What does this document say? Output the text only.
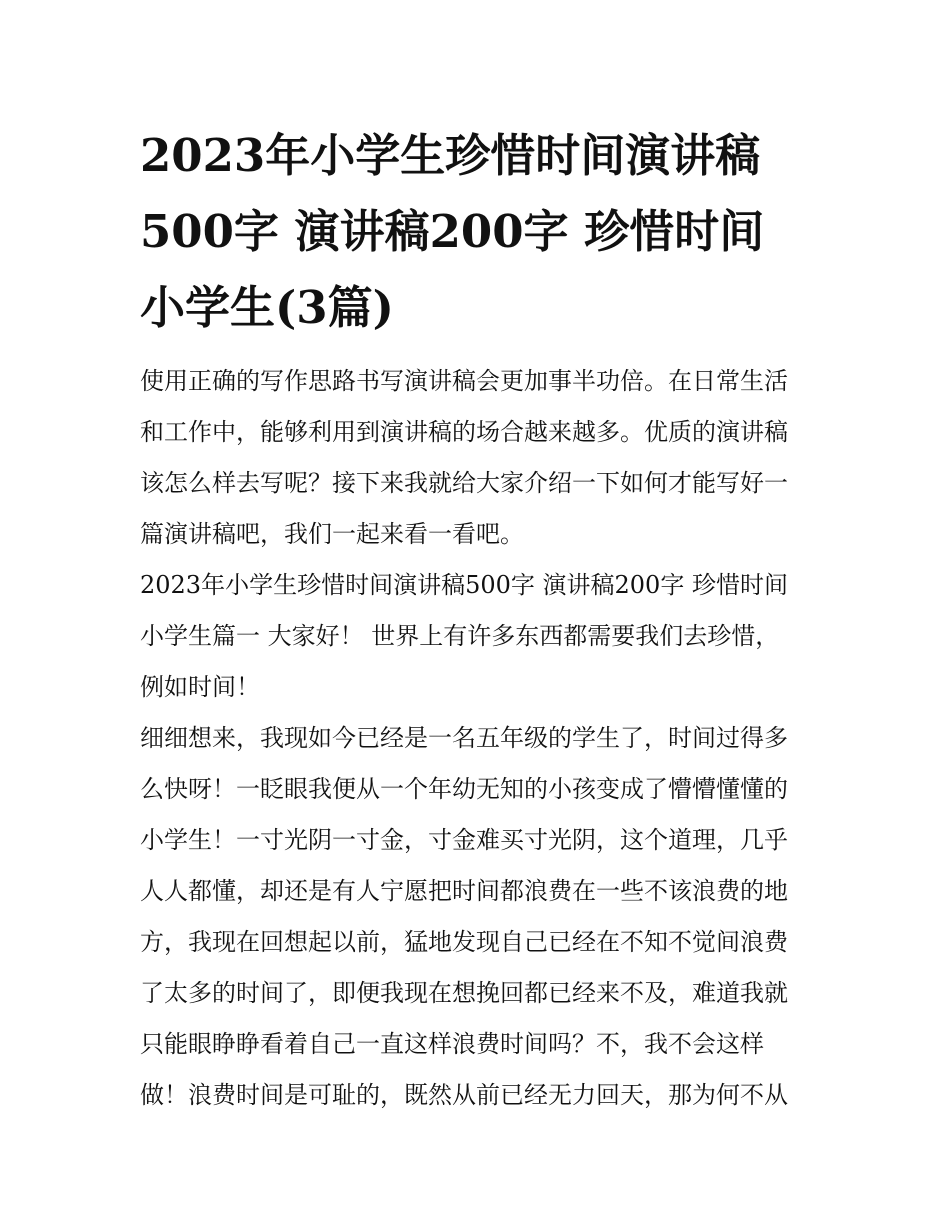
2023年小学生珍惜时间演讲稿
500字 演讲稿200字 珍惜时间
小学生(3篇)
使用正确的写作思路书写演讲稿会更加事半功倍。在日常生活
和工作中，能够利用到演讲稿的场合越来越多。优质的演讲稿
该怎么样去写呢？接下来我就给大家介绍一下如何才能写好一
篇演讲稿吧，我们一起来看一看吧。
2023年小学生珍惜时间演讲稿500字 演讲稿200字 珍惜时间
小学生篇一 大家好！ 世界上有许多东西都需要我们去珍惜，
例如时间！
细细想来，我现如今已经是一名五年级的学生了，时间过得多
么快呀！一眨眼我便从一个年幼无知的小孩变成了懵懵懂懂的
小学生！一寸光阴一寸金，寸金难买寸光阴，这个道理，几乎
人人都懂，却还是有人宁愿把时间都浪费在一些不该浪费的地
方，我现在回想起以前，猛地发现自己已经在不知不觉间浪费
了太多的时间了，即便我现在想挽回都已经来不及，难道我就
只能眼睁睁看着自己一直这样浪费时间吗？不，我不会这样
做！浪费时间是可耻的，既然从前已经无力回天，那为何不从
